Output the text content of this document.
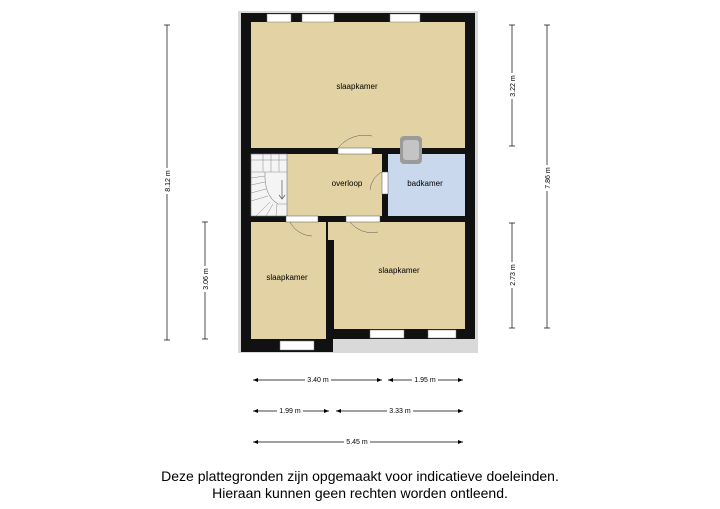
slaapkamer
overloop	badkamer
slaapkamer
slaapkamer
8.12 m
3.06 m
7.86 m
3.22 m
2.73 m
3.40 m	1.95 m
1.99 m	3.33 m
5.45 m
Deze plattegronden zijn opgemaakt voor indicatieve doeleinden.
Hieraan kunnen geen rechten worden ontleend.
